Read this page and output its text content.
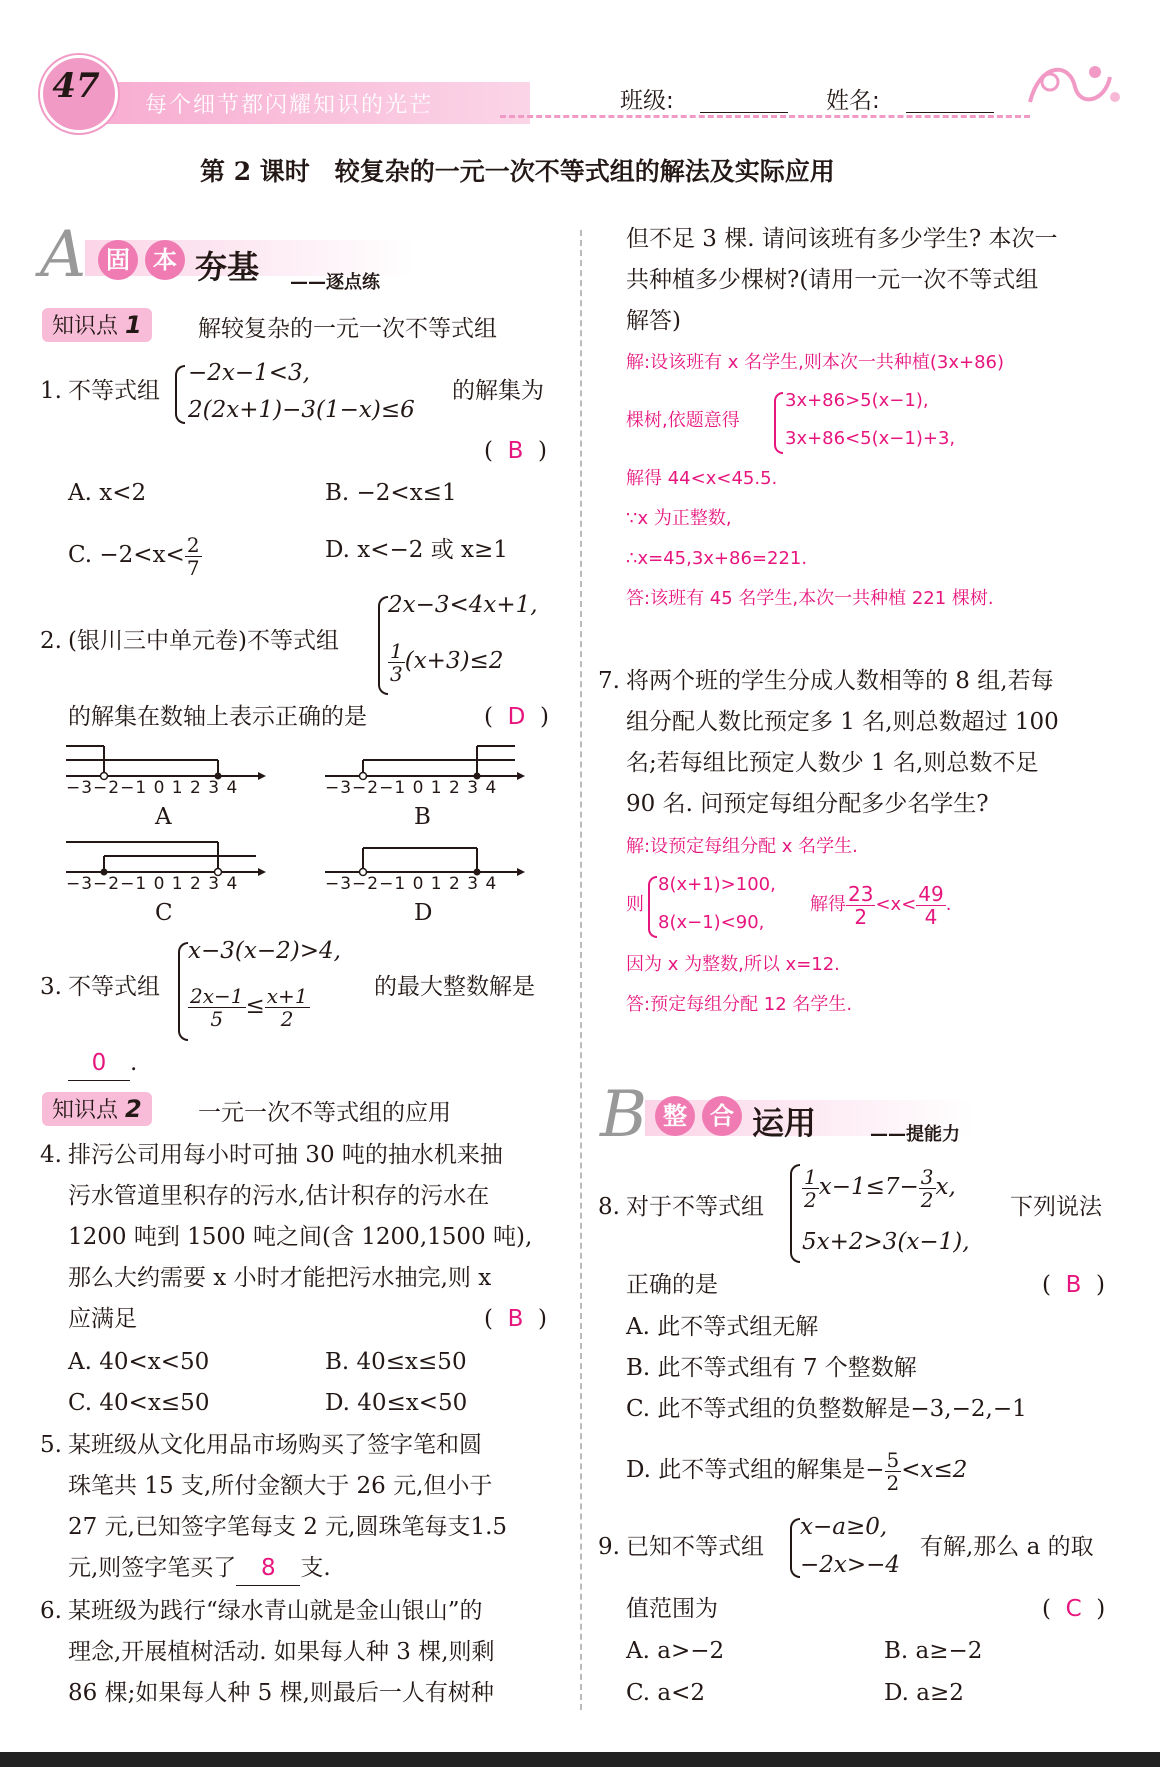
47	每个细节都闪耀知识的光芒	班级:	姓名:
第 2 课时　较复杂的一元一次不等式组的解法及实际应用
A 固 本 夯基 ——逐点练
知识点 1	解较复杂的一元一次不等式组
1. 不等式组
−2x−1<3,
2(2x+1)−3(1−x)≤6
的解集为
( B )
A. x<2	B. −2<x≤1
C. $-2<x< \frac{2}{7}$	D. x<−2 或 x≥1
2. (银川三中单元卷)不等式组
2x−3<4x+1,
$\frac{1}{3} (x+3)\le 2$
的解集在数轴上表示正确的是	( D )
−3−2−1 0 1 2 3 4
A
−3−2−1 0 1 2 3 4
B
−3−2−1 0 1 2 3 4
C
−3−2−1 0 1 2 3 4
D
3. 不等式组
x−3(x−2)>4,
$\frac{2x-1}{5} \le \frac{x+1}{2}$	的最大整数解是
0 .
知识点 2	一元一次不等式组的应用
4. 排污公司用每小时可抽 30 吨的抽水机来抽
污水管道里积存的污水,估计积存的污水在
1200 吨到 1500 吨之间(含 1200,1500 吨),
那么大约需要 x 小时才能把污水抽完,则 x
应满足	( B )
A. 40<x<50	B. 40≤x≤50
C. 40<x≤50	D. 40≤x<50
5. 某班级从文化用品市场购买了签字笔和圆
珠笔共 15 支,所付金额大于 26 元,但小于
27 元,已知签字笔每支 2 元,圆珠笔每支1.5
元,则签字笔买了 8 支.
6. 某班级为践行“绿水青山就是金山银山”的
理念,开展植树活动. 如果每人种 3 棵,则剩
86 棵;如果每人种 5 棵,则最后一人有树种
但不足 3 棵. 请问该班有多少学生? 本次一
共种植多少棵树?(请用一元一次不等式组
解答)
解:设该班有 x 名学生,则本次一共种植(3x+86)
棵树,依题意得
3x+86>5(x−1),
3x+86<5(x−1)+3,
解得 44<x<45.5.
∵x 为正整数,
∴x=45,3x+86=221.
答:该班有 45 名学生,本次一共种植 221 棵树.
7. 将两个班的学生分成人数相等的 8 组,若每
组分配人数比预定多 1 名,则总数超过 100
名;若每组比预定人数少 1 名,则总数不足
90 名. 问预定每组分配多少名学生?
解:设预定每组分配 x 名学生.
则
8(x+1)>100,
8(x−1)<90,
解得 $\frac{23}{2} <x< \frac{49}{4}$ .
因为 x 为整数,所以 x=12.
答:预定每组分配 12 名学生.
B 整 合 运用	——提能力
8. 对于不等式组 $\frac{1}{2} x-1\le 7- \frac{3}{2} x$,
5x+2>3(x−1),
下列说法
正确的是	( B )
A. 此不等式组无解
B. 此不等式组有 7 个整数解
C. 此不等式组的负整数解是−3,−2,−1
D. 此不等式组的解集是− $\frac{5}{2} <x\le 2$
9. 已知不等式组
x−a≥0,
−2x>−4
有解,那么 a 的取
值范围为	( C )
A. a>−2	B. a≥−2
C. a<2	D. a≥2
